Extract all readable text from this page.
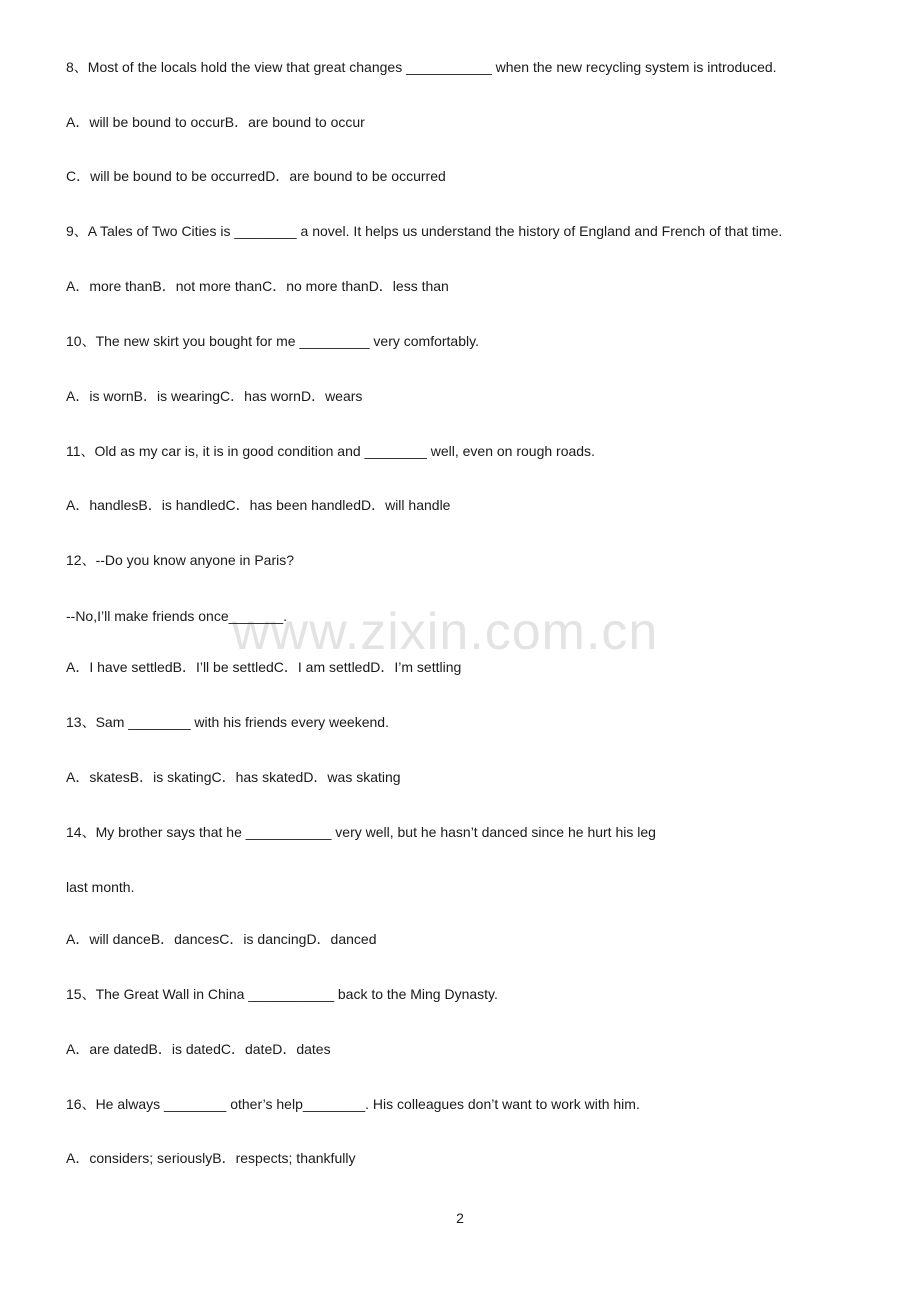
www.zixin.com.cn
8、Most of the locals hold the view that great changes ___________ when the new recycling system is introduced.
A．will be bound to occurB．are bound to occur
C．will be bound to be occurredD．are bound to be occurred
9、A Tales of Two Cities is ________ a novel. It helps us understand the history of England and French of that time.
A．more thanB．not more thanC．no more thanD．less than
10、The new skirt you bought for me _________ very comfortably.
A．is wornB．is wearingC．has wornD．wears
11、Old as my car is, it is in good condition and ________ well, even on rough roads.
A．handlesB．is handledC．has been handledD．will handle
12、--Do you know anyone in Paris?
--No,I’ll make friends once_______.
A．I have settledB．I’ll be settledC．I am settledD．I’m settling
13、Sam ________ with his friends every weekend.
A．skatesB．is skatingC．has skatedD．was skating
14、My brother says that he ___________ very well, but he hasn’t danced since he hurt his leg
last month.
A．will danceB．dancesC．is dancingD．danced
15、The Great Wall in China ___________ back to the Ming Dynasty.
A．are datedB．is datedC．dateD．dates
16、He always ________ other’s help________. His colleagues don’t want to work with him.
A．considers; seriouslyB．respects; thankfully
2
